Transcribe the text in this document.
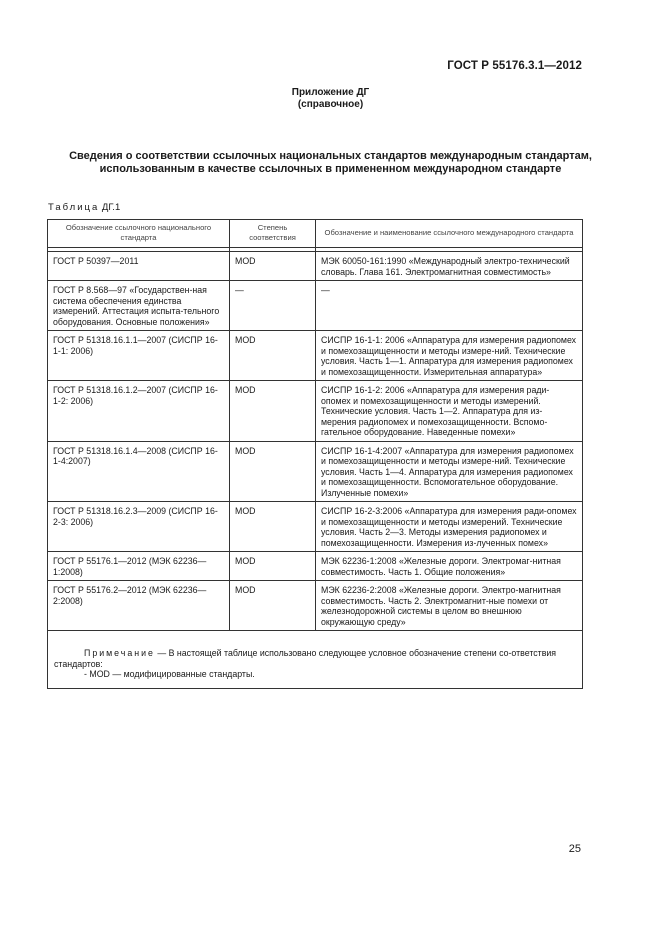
ГОСТ Р 55176.3.1—2012
Приложение ДГ
(справочное)
Сведения о соответствии ссылочных национальных стандартов международным стандартам,
использованным в качестве ссылочных в примененном международном стандарте
Таблица ДГ.1
Обозначение ссылочного национального стандарта	Степень соответствия	Обозначение и наименование ссылочного международного стандарта

ГОСТ Р 50397—2011	MOD	МЭК 60050-161:1990 «Международный электро-технический словарь. Глава 161. Электромагнитная совместимость»
ГОСТ Р 8.568—97 «Государствен-ная система обеспечения единства измерений. Аттестация испыта-тельного оборудования. Основные положения»	—	—
ГОСТ Р 51318.16.1.1—2007 (СИСПР 16-1-1: 2006)	MOD	СИСПР 16-1-1: 2006 «Аппаратура для измерения радиопомех и помехозащищенности и методы измере-ний. Технические условия. Часть 1—1. Аппаратура для измерения радиопомех и помехозащищенности. Измерительная аппаратура»
ГОСТ Р 51318.16.1.2—2007 (СИСПР 16-1-2: 2006)	MOD	СИСПР 16-1-2: 2006 «Аппаратура для измерения ради-опомех и помехозащищенности и методы измерений. Технические условия. Часть 1—2. Аппаратура для из-мерения радиопомех и помехозащищенности. Вспомо-гательное оборудование. Наведенные помехи»
ГОСТ Р 51318.16.1.4—2008 (СИСПР 16-1-4:2007)	MOD	СИСПР 16-1-4:2007 «Аппаратура для измерения радиопомех и помехозащищенности и методы измере-ний. Технические условия. Часть 1—4. Аппаратура для измерения радиопомех и помехозащищенности. Вспомогательное оборудование. Излученные помехи»
ГОСТ Р 51318.16.2.3—2009 (СИСПР 16-2-3: 2006)	MOD	СИСПР 16-2-3:2006 «Аппаратура для измерения ради-опомех и помехозащищенности и методы измерений. Технические условия. Часть 2—3. Методы измерения радиопомех и помехозащищенности. Измерения из-лученных помех»
ГОСТ Р 55176.1—2012 (МЭК 62236—1:2008)	MOD	МЭК 62236-1:2008 «Железные дороги. Электромаг-нитная совместимость. Часть 1. Общие положения»
ГОСТ Р 55176.2—2012 (МЭК 62236—2:2008)	MOD	МЭК 62236-2:2008 «Железные дороги. Электро-магнитная совместимость. Часть 2. Электромагнит-ные помехи от железнодорожной системы в целом во внешнюю окружающую среду»

Примечание — В настоящей таблице использовано следующее условное обозначение степени со-ответствия стандартов:
- MOD — модифицированные стандарты.		
25
